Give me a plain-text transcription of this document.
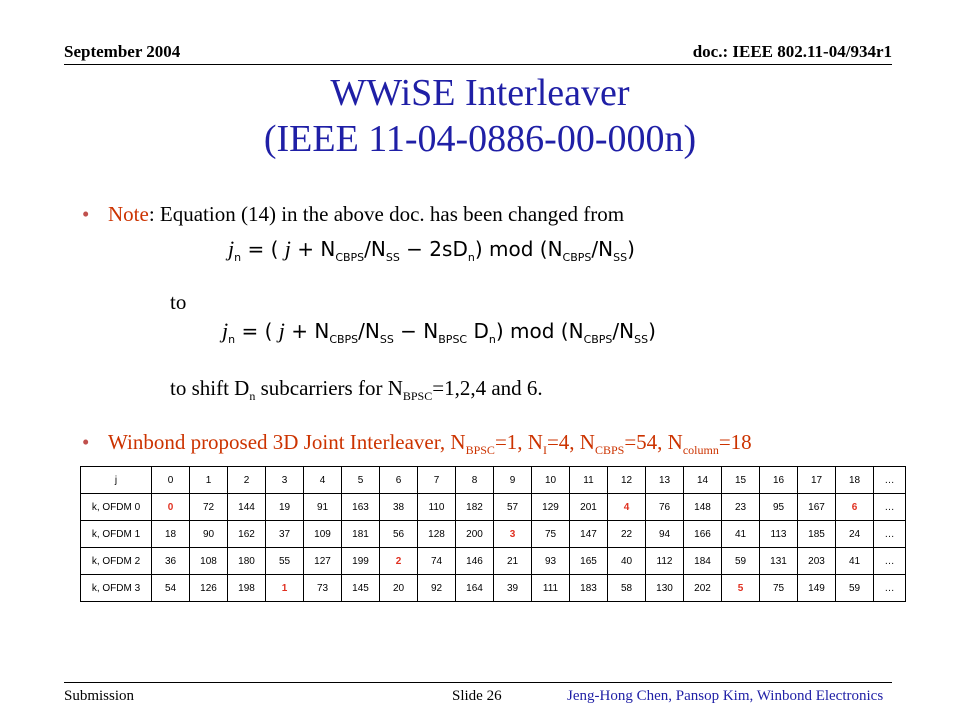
September 2004	doc.: IEEE 802.11-04/934r1
WWiSE Interleaver
(IEEE 11-04-0886-00-000n)
• Note: Equation (14) in the above doc. has been changed from
$j_n$ = ( $j + N_{CBPS}/N_{SS} - 2sD_n$) mod $(N_{CBPS}/N_{SS})$
to
$j_n$ = ( $j + N_{CBPS}/N_{SS} - N_{BPSC}$ $D_n$) mod $(N_{CBPS}/N_{SS})$
to shift $D_n$ subcarriers for $N_{BPSC}=1,2,4$ and 6.
• Winbond proposed 3D Joint Interleaver, $N_{BPSC}=1$, $N_I=4$, $N_{CBPS}=54$, $N_{column}=18$
j	0	1	2	3	4	5	6	7	8	9	10	11	12	13	14	15	16	17	18	…
k, OFDM 0	0	72	144	19	91	163	38	110	182	57	129	201	4	76	148	23	95	167	6	…
k, OFDM 1	18	90	162	37	109	181	56	128	200	3	75	147	22	94	166	41	113	185	24	…
k, OFDM 2	36	108	180	55	127	199	2	74	146	21	93	165	40	112	184	59	131	203	41	…
k, OFDM 3	54	126	198	1	73	145	20	92	164	39	111	183	58	130	202	5	75	149	59	…
Submission	Slide 26	Jeng-Hong Chen, Pansop Kim, Winbond Electronics
